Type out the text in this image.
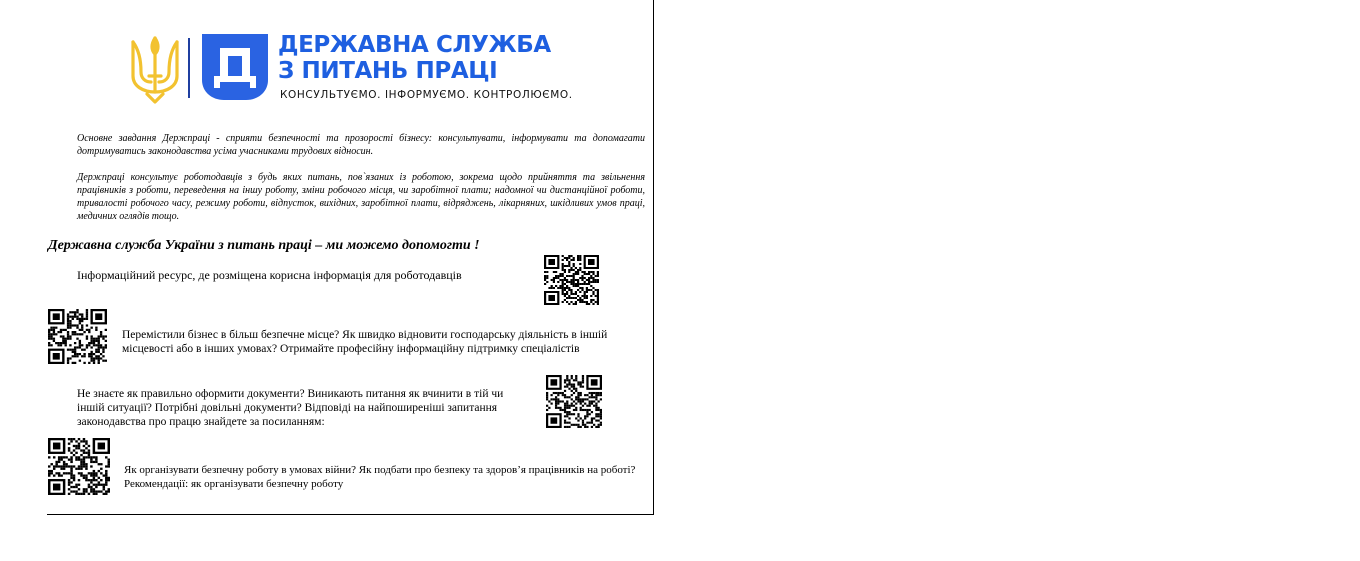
ДЕРЖАВНА СЛУЖБА
З ПИТАНЬ ПРАЦІ
КОНСУЛЬТУЄМО. ІНФОРМУЄМО. КОНТРОЛЮЄМО.
Основне завдання Держпраці - сприяти безпечності та прозорості бізнесу: консультувати, інформувати та допомагати дотримуватись законодавства усіма учасниками трудових відносин.
Держпраці консультує роботодавців з будь яких питань, пов`язаних із роботою, зокрема щодо прийняття та звільнення працівників з роботи, переведення на іншу роботу, зміни робочого місця, чи заробітної плати; надомної чи дистанційної роботи, тривалості робочого часу, режиму роботи, відпусток, вихідних, заробітної плати, відряджень, лікарняних, шкідливих умов праці, медичних оглядів тощо.
Державна служба України з питань праці – ми можемо допомогти !
Інформаційний ресурс, де розміщена корисна інформація для роботодавців
Перемістили бізнес в більш безпечне місце? Як швидко відновити господарську діяльність в іншій місцевості або в інших умовах? Отримайте професійну інформаційну підтримку спеціалістів
Не знаєте як правильно оформити документи? Виникають питання як вчинити в тій чи іншій ситуації? Потрібні довільні документи? Відповіді на найпоширеніші запитання законодавства про працю знайдете за посиланням:
Як організувати безпечну роботу в умовах війни? Як подбати про безпеку та здоров’я працівників на роботі? Рекомендації: як організувати безпечну роботу
